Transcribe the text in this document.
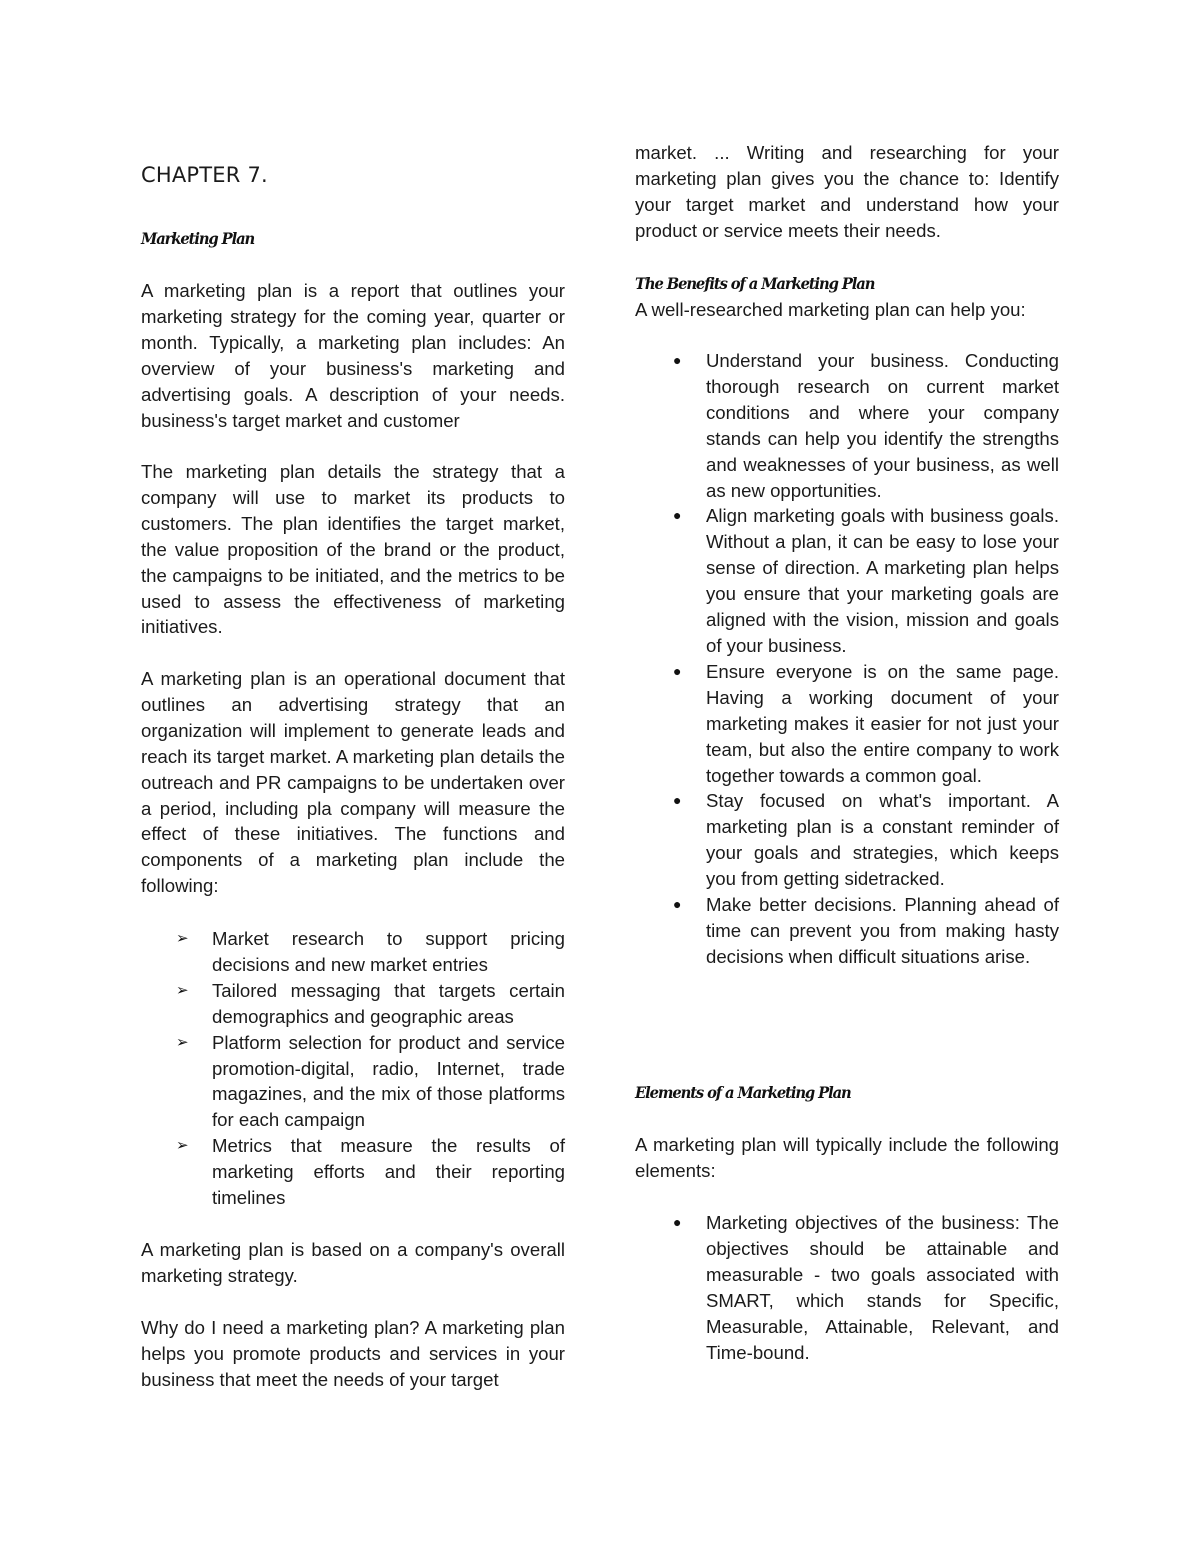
CHAPTER 7.
Marketing Plan

A marketing plan is a report that outlines your marketing strategy for the coming year, quarter or month. Typically, a marketing plan includes: An overview of your business's marketing and advertising goals. A description of your needs. business's target market and customer

The marketing plan details the strategy that a company will use to market its products to customers. The plan identifies the target market, the value proposition of the brand or the product, the campaigns to be initiated, and the metrics to be used to assess the effectiveness of marketing initiatives.

A marketing plan is an operational document that outlines an advertising strategy that an organization will implement to generate leads and reach its target market. A marketing plan details the outreach and PR campaigns to be undertaken over a period, including pla company will measure the effect of these initiatives. The functions and components of a marketing plan include the following:

➢ Market research to support pricing decisions and new market entries
➢ Tailored messaging that targets certain demographics and geographic areas
➢ Platform selection for product and service promotion-digital, radio, Internet, trade magazines, and the mix of those platforms for each campaign
➢ Metrics that measure the results of marketing efforts and their reporting timelines

A marketing plan is based on a company's overall marketing strategy.

Why do I need a marketing plan? A marketing plan helps you promote products and services in your business that meet the needs of your target

market. ... Writing and researching for your marketing plan gives you the chance to: Identify your target market and understand how your product or service meets their needs.

The Benefits of a Marketing Plan

A well-researched marketing plan can help you:

● Understand your business. Conducting thorough research on current market conditions and where your company stands can help you identify the strengths and weaknesses of your business, as well as new opportunities.
● Align marketing goals with business goals. Without a plan, it can be easy to lose your sense of direction. A marketing plan helps you ensure that your marketing goals are aligned with the vision, mission and goals of your business.
● Ensure everyone is on the same page. Having a working document of your marketing makes it easier for not just your team, but also the entire company to work together towards a common goal.
● Stay focused on what's important. A marketing plan is a constant reminder of your goals and strategies, which keeps you from getting sidetracked.
● Make better decisions. Planning ahead of time can prevent you from making hasty decisions when difficult situations arise.
Elements of a Marketing Plan

A marketing plan will typically include the following elements:

● Marketing objectives of the business: The objectives should be attainable and measurable - two goals associated with SMART, which stands for Specific, Measurable, Attainable, Relevant, and Time-bound.
